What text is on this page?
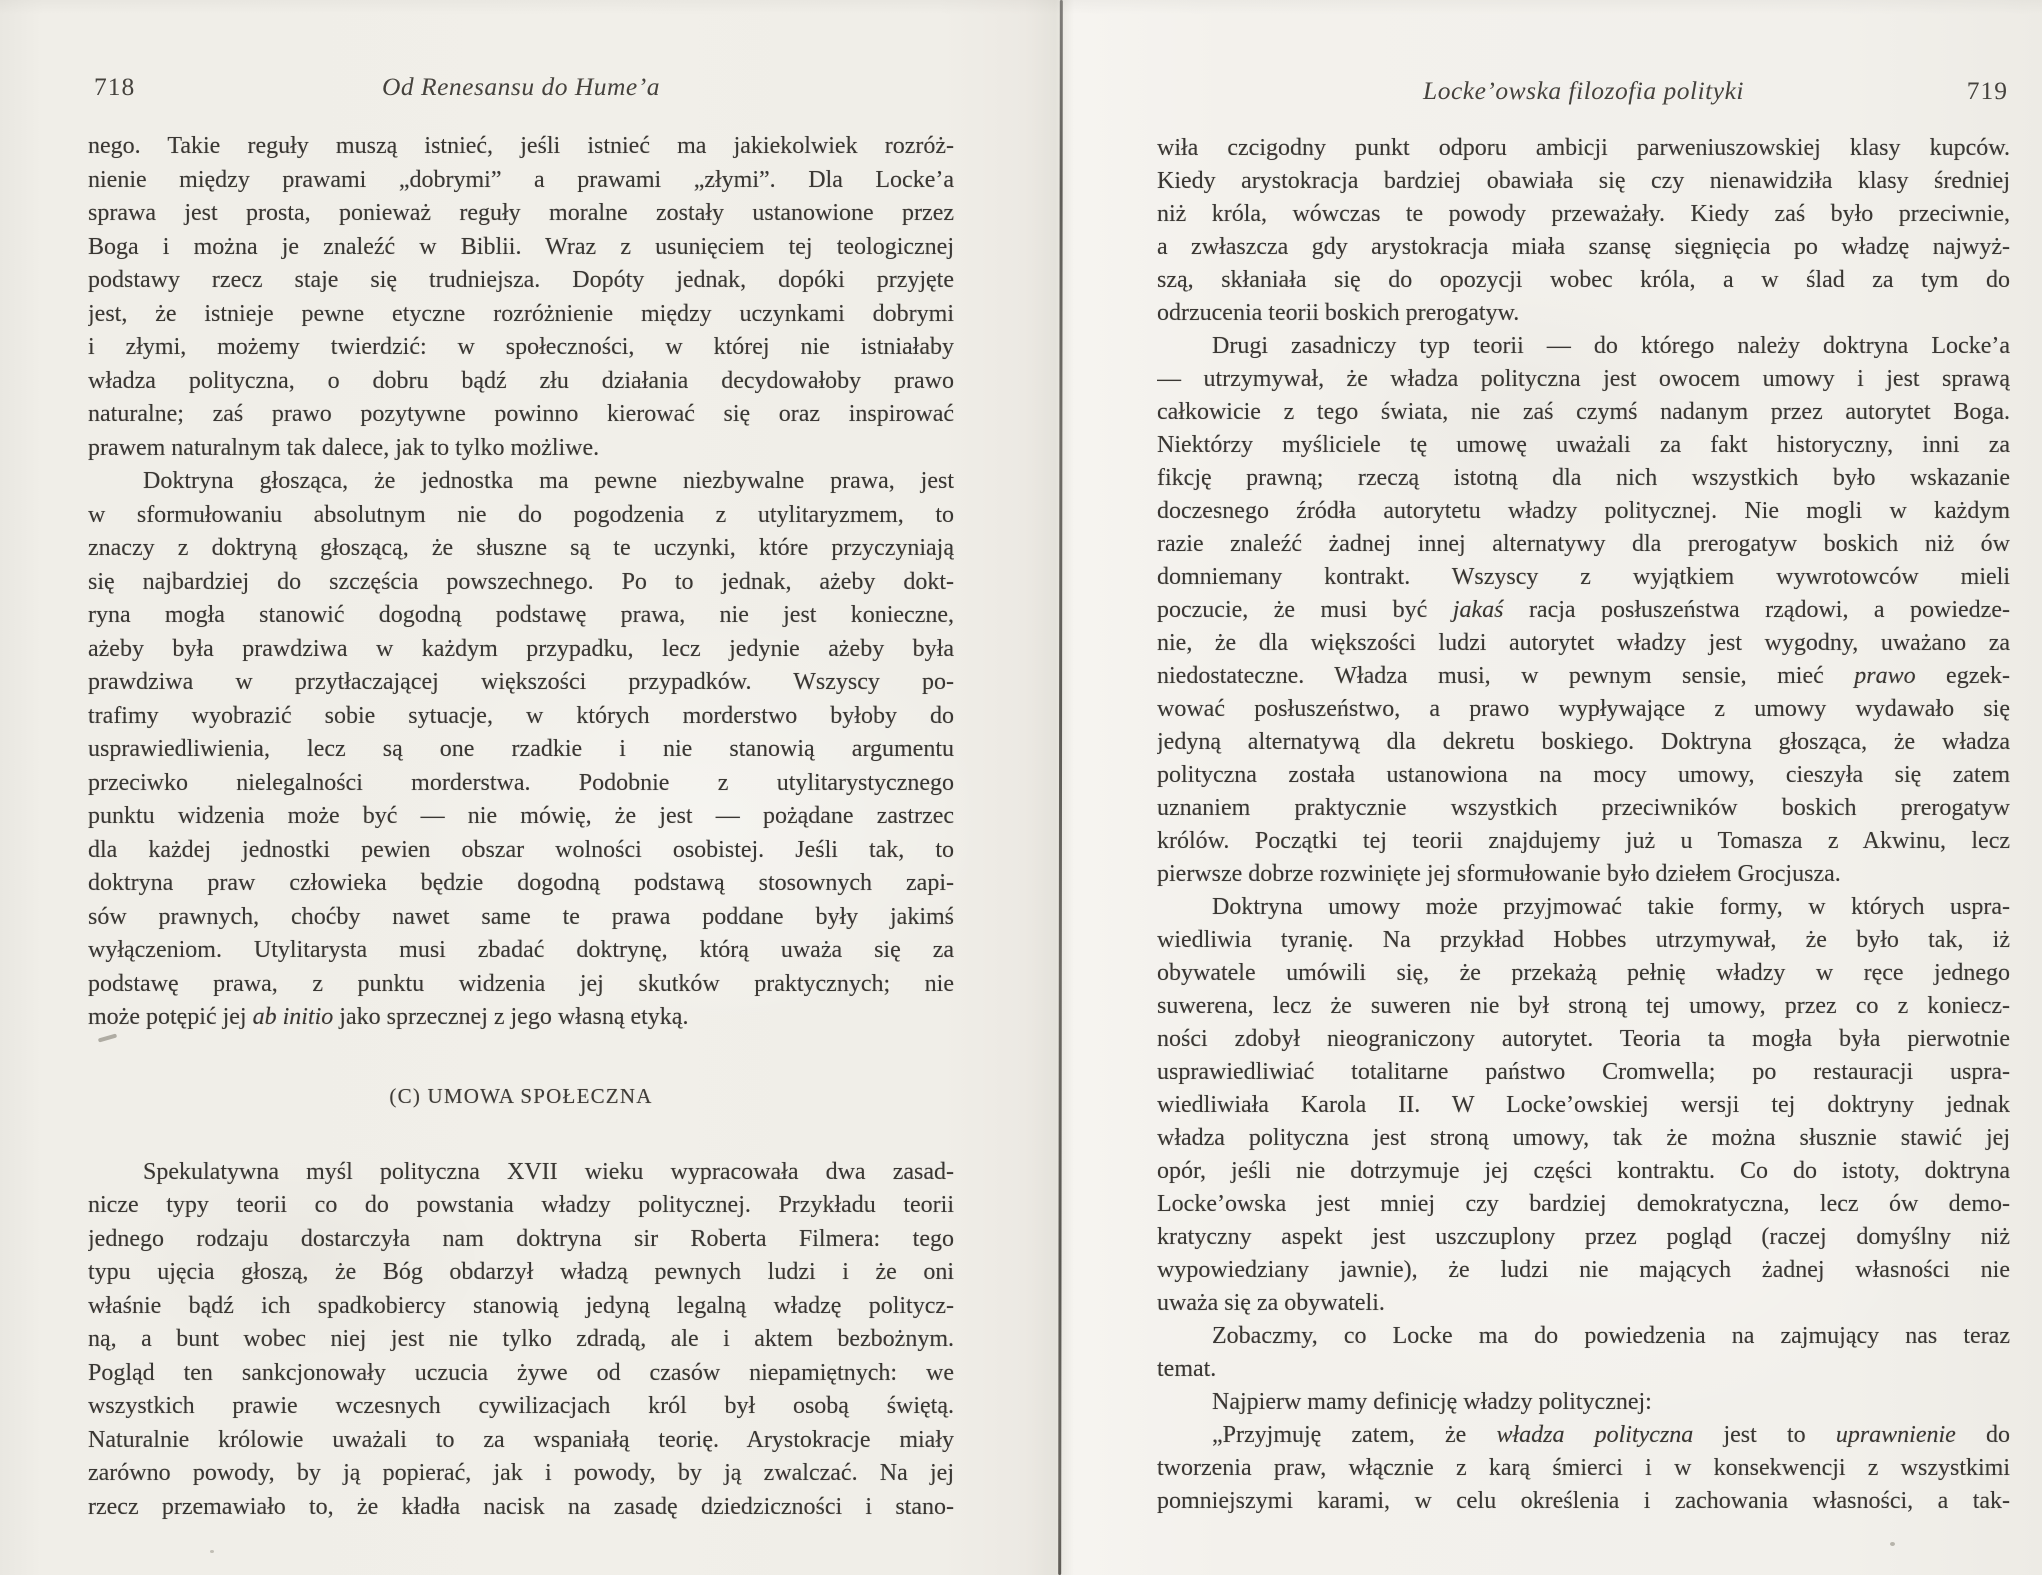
718	Od Renesansu do Hume’a
nego. Takie reguły muszą istnieć, jeśli istnieć ma jakiekolwiek rozróż-
nienie między prawami „dobrymi” a prawami „złymi”. Dla Locke’a
sprawa jest prosta, ponieważ reguły moralne zostały ustanowione przez
Boga i można je znaleźć w Biblii. Wraz z usunięciem tej teologicznej
podstawy rzecz staje się trudniejsza. Dopóty jednak, dopóki przyjęte
jest, że istnieje pewne etyczne rozróżnienie między uczynkami dobrymi
i złymi, możemy twierdzić: w społeczności, w której nie istniałaby
władza polityczna, o dobru bądź złu działania decydowałoby prawo
naturalne; zaś prawo pozytywne powinno kierować się oraz inspirować
prawem naturalnym tak dalece, jak to tylko możliwe.
Doktryna głosząca, że jednostka ma pewne niezbywalne prawa, jest
w sformułowaniu absolutnym nie do pogodzenia z utylitaryzmem, to
znaczy z doktryną głoszącą, że słuszne są te uczynki, które przyczyniają
się najbardziej do szczęścia powszechnego. Po to jednak, ażeby dokt-
ryna mogła stanowić dogodną podstawę prawa, nie jest konieczne,
ażeby była prawdziwa w każdym przypadku, lecz jedynie ażeby była
prawdziwa w przytłaczającej większości przypadków. Wszyscy po-
trafimy wyobrazić sobie sytuacje, w których morderstwo byłoby do
usprawiedliwienia, lecz są one rzadkie i nie stanowią argumentu
przeciwko nielegalności morderstwa. Podobnie z utylitarystycznego
punktu widzenia może być — nie mówię, że jest — pożądane zastrzec
dla każdej jednostki pewien obszar wolności osobistej. Jeśli tak, to
doktryna praw człowieka będzie dogodną podstawą stosownych zapi-
sów prawnych, choćby nawet same te prawa poddane były jakimś
wyłączeniom. Utylitarysta musi zbadać doktrynę, którą uważa się za
podstawę prawa, z punktu widzenia jej skutków praktycznych; nie
może potępić jej ab initio jako sprzecznej z jego własną etyką.
(C) UMOWA SPOŁECZNA
Spekulatywna myśl polityczna XVII wieku wypracowała dwa zasad-
nicze typy teorii co do powstania władzy politycznej. Przykładu teorii
jednego rodzaju dostarczyła nam doktryna sir Roberta Filmera: tego
typu ujęcia głoszą, że Bóg obdarzył władzą pewnych ludzi i że oni
właśnie bądź ich spadkobiercy stanowią jedyną legalną władzę politycz-
ną, a bunt wobec niej jest nie tylko zdradą, ale i aktem bezbożnym.
Pogląd ten sankcjonowały uczucia żywe od czasów niepamiętnych: we
wszystkich prawie wczesnych cywilizacjach król był osobą świętą.
Naturalnie królowie uważali to za wspaniałą teorię. Arystokracje miały
zarówno powody, by ją popierać, jak i powody, by ją zwalczać. Na jej
rzecz przemawiało to, że kładła nacisk na zasadę dziedziczności i stano-
Locke’owska filozofia polityki	719
wiła czcigodny punkt odporu ambicji parweniuszowskiej klasy kupców.
Kiedy arystokracja bardziej obawiała się czy nienawidziła klasy średniej
niż króla, wówczas te powody przeważały. Kiedy zaś było przeciwnie,
a zwłaszcza gdy arystokracja miała szansę sięgnięcia po władzę najwyż-
szą, skłaniała się do opozycji wobec króla, a w ślad za tym do
odrzucenia teorii boskich prerogatyw.
Drugi zasadniczy typ teorii — do którego należy doktryna Locke’a
— utrzymywał, że władza polityczna jest owocem umowy i jest sprawą
całkowicie z tego świata, nie zaś czymś nadanym przez autorytet Boga.
Niektórzy myśliciele tę umowę uważali za fakt historyczny, inni za
fikcję prawną; rzeczą istotną dla nich wszystkich było wskazanie
doczesnego źródła autorytetu władzy politycznej. Nie mogli w każdym
razie znaleźć żadnej innej alternatywy dla prerogatyw boskich niż ów
domniemany kontrakt. Wszyscy z wyjątkiem wywrotowców mieli
poczucie, że musi być jakaś racja posłuszeństwa rządowi, a powiedze-
nie, że dla większości ludzi autorytet władzy jest wygodny, uważano za
niedostateczne. Władza musi, w pewnym sensie, mieć prawo egzek-
wować posłuszeństwo, a prawo wypływające z umowy wydawało się
jedyną alternatywą dla dekretu boskiego. Doktryna głosząca, że władza
polityczna została ustanowiona na mocy umowy, cieszyła się zatem
uznaniem praktycznie wszystkich przeciwników boskich prerogatyw
królów. Początki tej teorii znajdujemy już u Tomasza z Akwinu, lecz
pierwsze dobrze rozwinięte jej sformułowanie było dziełem Grocjusza.
Doktryna umowy może przyjmować takie formy, w których uspra-
wiedliwia tyranię. Na przykład Hobbes utrzymywał, że było tak, iż
obywatele umówili się, że przekażą pełnię władzy w ręce jednego
suwerena, lecz że suweren nie był stroną tej umowy, przez co z koniecz-
ności zdobył nieograniczony autorytet. Teoria ta mogła była pierwotnie
usprawiedliwiać totalitarne państwo Cromwella; po restauracji uspra-
wiedliwiała Karola II. W Locke’owskiej wersji tej doktryny jednak
władza polityczna jest stroną umowy, tak że można słusznie stawić jej
opór, jeśli nie dotrzymuje jej części kontraktu. Co do istoty, doktryna
Locke’owska jest mniej czy bardziej demokratyczna, lecz ów demo-
kratyczny aspekt jest uszczuplony przez pogląd (raczej domyślny niż
wypowiedziany jawnie), że ludzi nie mających żadnej własności nie
uważa się za obywateli.
Zobaczmy, co Locke ma do powiedzenia na zajmujący nas teraz
temat.
Najpierw mamy definicję władzy politycznej:
„Przyjmuję zatem, że władza polityczna jest to uprawnienie do
tworzenia praw, włącznie z karą śmierci i w konsekwencji z wszystkimi
pomniejszymi karami, w celu określenia i zachowania własności, a tak-
